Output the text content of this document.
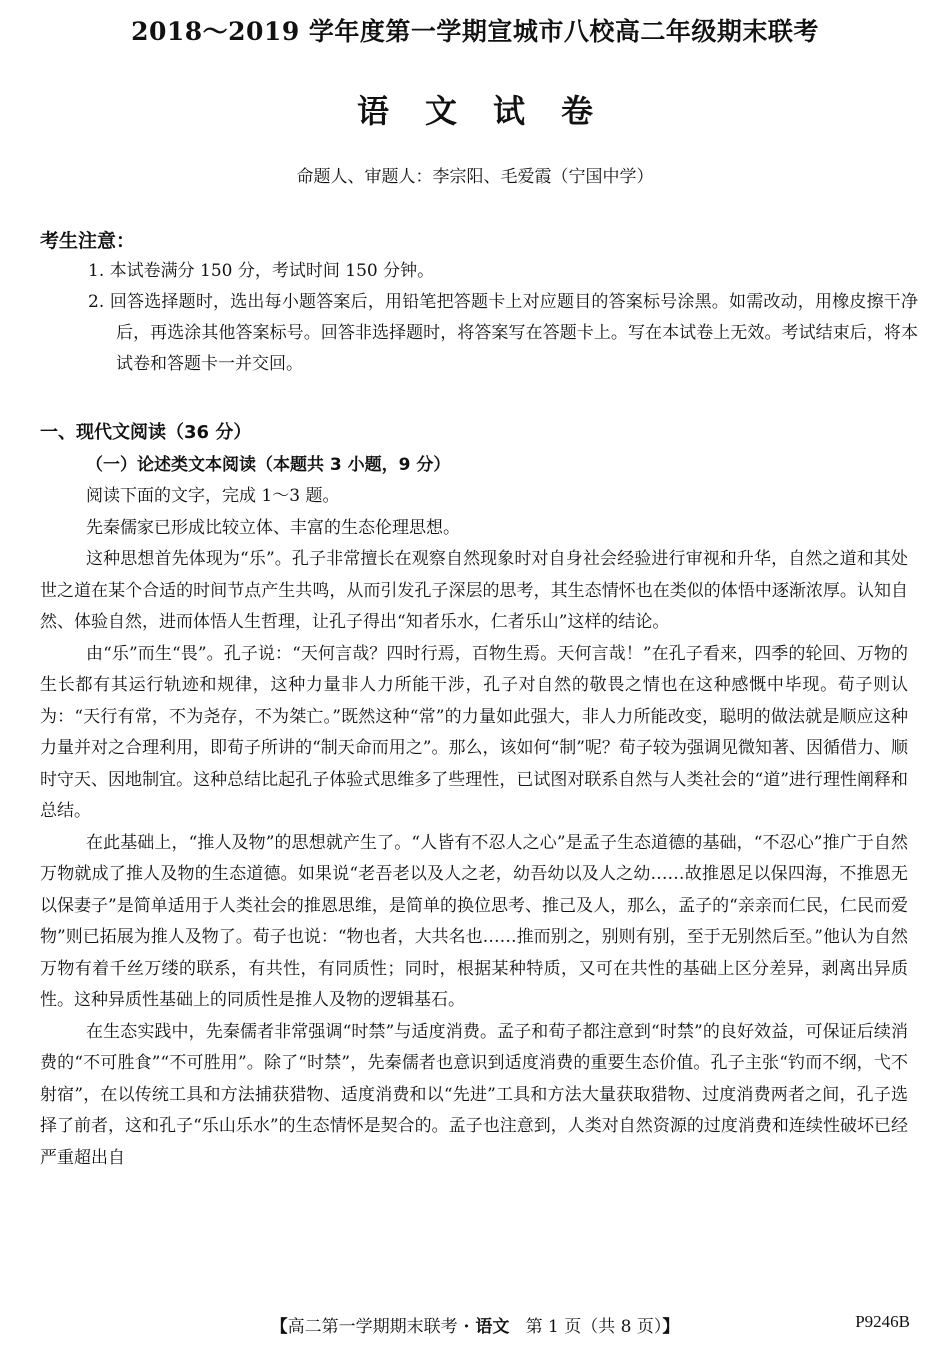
2018～2019 学年度第一学期宣城市八校高二年级期末联考
语文试卷
命题人、审题人：李宗阳、毛爱霞（宁国中学）
考生注意：

1. 本试卷满分 150 分，考试时间 150 分钟。

2. 回答选择题时，选出每小题答案后，用铅笔把答题卡上对应题目的答案标号涂黑。如需改动，用橡皮擦干净后，再选涂其他答案标号。回答非选择题时，将答案写在答题卡上。写在本试卷上无效。考试结束后，将本试卷和答题卡一并交回。

一、现代文阅读（36 分）
（一）论述类文本阅读（本题共 3 小题，9 分）

阅读下面的文字，完成 1～3 题。

先秦儒家已形成比较立体、丰富的生态伦理思想。

这种思想首先体现为“乐”。孔子非常擅长在观察自然现象时对自身社会经验进行审视和升华，自然之道和其处世之道在某个合适的时间节点产生共鸣，从而引发孔子深层的思考，其生态情怀也在类似的体悟中逐渐浓厚。认知自然、体验自然，进而体悟人生哲理，让孔子得出“知者乐水，仁者乐山”这样的结论。

由“乐”而生“畏”。孔子说：“天何言哉？四时行焉，百物生焉。天何言哉！”在孔子看来，四季的轮回、万物的生长都有其运行轨迹和规律，这种力量非人力所能干涉，孔子对自然的敬畏之情也在这种感慨中毕现。荀子则认为：“天行有常，不为尧存，不为桀亡。”既然这种“常”的力量如此强大，非人力所能改变，聪明的做法就是顺应这种力量并对之合理利用，即荀子所讲的“制天命而用之”。那么，该如何“制”呢？荀子较为强调见微知著、因循借力、顺时守天、因地制宜。这种总结比起孔子体验式思维多了些理性，已试图对联系自然与人类社会的“道”进行理性阐释和总结。

在此基础上，“推人及物”的思想就产生了。“人皆有不忍人之心”是孟子生态道德的基础，“不忍心”推广于自然万物就成了推人及物的生态道德。如果说“老吾老以及人之老，幼吾幼以及人之幼……故推恩足以保四海，不推恩无以保妻子”是简单适用于人类社会的推恩思维，是简单的换位思考、推己及人，那么，孟子的“亲亲而仁民，仁民而爱物”则已拓展为推人及物了。荀子也说：“物也者，大共名也……推而别之，别则有别，至于无别然后至。”他认为自然万物有着千丝万缕的联系，有共性，有同质性；同时，根据某种特质，又可在共性的基础上区分差异，剥离出异质性。这种异质性基础上的同质性是推人及物的逻辑基石。

在生态实践中，先秦儒者非常强调“时禁”与适度消费。孟子和荀子都注意到“时禁”的良好效益，可保证后续消费的“不可胜食”“不可胜用”。除了“时禁”，先秦儒者也意识到适度消费的重要生态价值。孔子主张“钓而不纲，弋不射宿”，在以传统工具和方法捕获猎物、适度消费和以“先进”工具和方法大量获取猎物、过度消费两者之间，孔子选择了前者，这和孔子“乐山乐水”的生态情怀是契合的。孟子也注意到，人类对自然资源的过度消费和连续性破坏已经严重超出自

【高二第一学期期末联考 · 语文 第 1 页（共 8 页）】	P9246B
